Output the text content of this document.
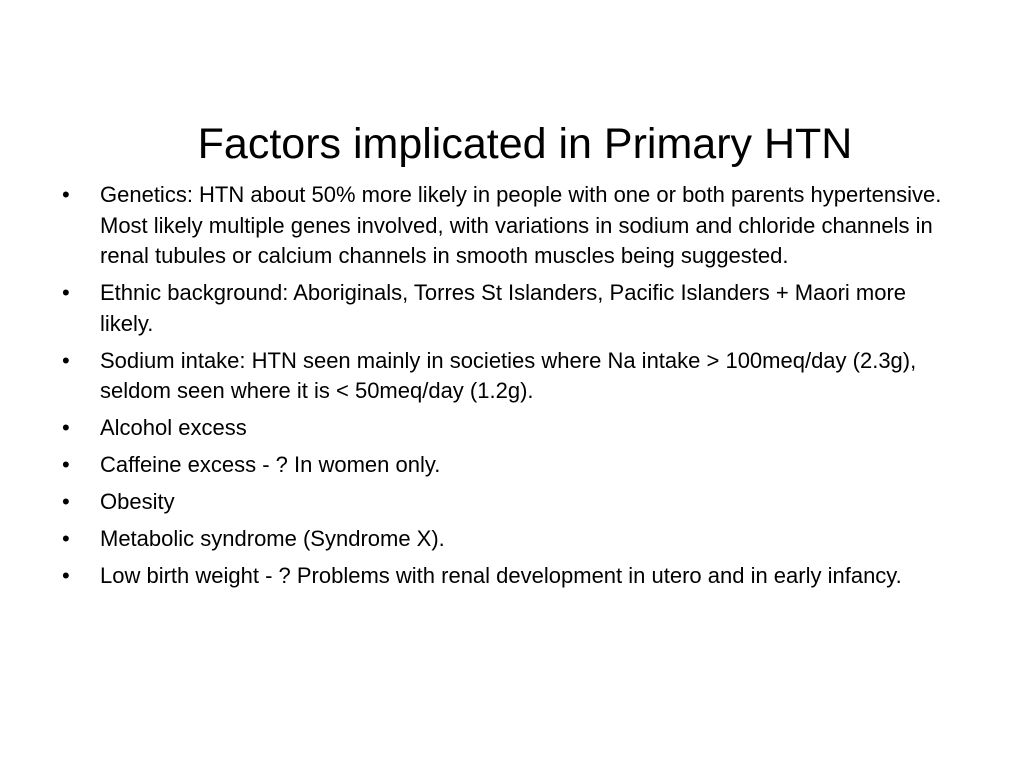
Factors implicated in Primary HTN
•	Genetics: HTN about 50% more likely in people with one or both parents hypertensive.  Most likely multiple genes involved, with variations in sodium and chloride channels in renal tubules or calcium channels in smooth muscles being suggested.
•	Ethnic background: Aboriginals, Torres St Islanders, Pacific Islanders + Maori more likely.
•	Sodium intake: HTN seen mainly in societies where Na intake > 100meq/day (2.3g), seldom seen where it is < 50meq/day (1.2g).
•	Alcohol excess
•	Caffeine excess - ? In women only.
•	Obesity
•	Metabolic syndrome (Syndrome X).
•	Low birth weight - ? Problems with renal development in utero and in early infancy.
